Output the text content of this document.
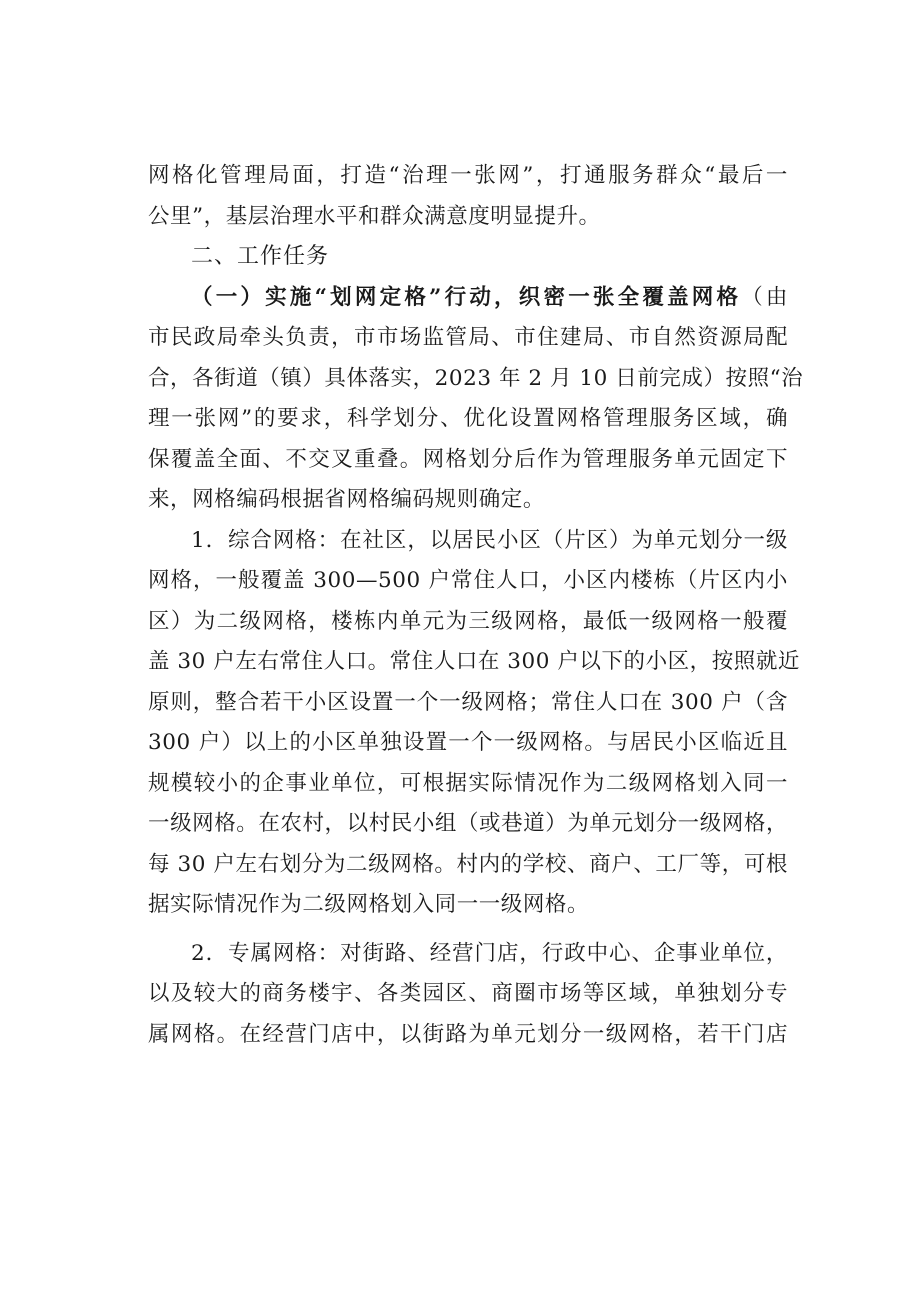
网格化管理局面，打造“治理一张网”，打通服务群众“最后一
公里”，基层治理水平和群众满意度明显提升。
二、工作任务
（一）实施“划网定格”行动，织密一张全覆盖网格（由
市民政局牵头负责，市市场监管局、市住建局、市自然资源局配
合，各街道（镇）具体落实，2023 年 2 月 10 日前完成）按照“治
理一张网”的要求，科学划分、优化设置网格管理服务区域，确
保覆盖全面、不交叉重叠。网格划分后作为管理服务单元固定下
来，网格编码根据省网格编码规则确定。
1．综合网格：在社区，以居民小区（片区）为单元划分一级
网格，一般覆盖 300—500 户常住人口，小区内楼栋（片区内小
区）为二级网格，楼栋内单元为三级网格，最低一级网格一般覆
盖 30 户左右常住人口。常住人口在 300 户以下的小区，按照就近
原则，整合若干小区设置一个一级网格；常住人口在 300 户（含
300 户）以上的小区单独设置一个一级网格。与居民小区临近且
规模较小的企事业单位，可根据实际情况作为二级网格划入同一
一级网格。在农村，以村民小组（或巷道）为单元划分一级网格，
每 30 户左右划分为二级网格。村内的学校、商户、工厂等，可根
据实际情况作为二级网格划入同一一级网格。
2．专属网格：对街路、经营门店，行政中心、企事业单位，
以及较大的商务楼宇、各类园区、商圈市场等区域，单独划分专
属网格。在经营门店中，以街路为单元划分一级网格，若干门店
